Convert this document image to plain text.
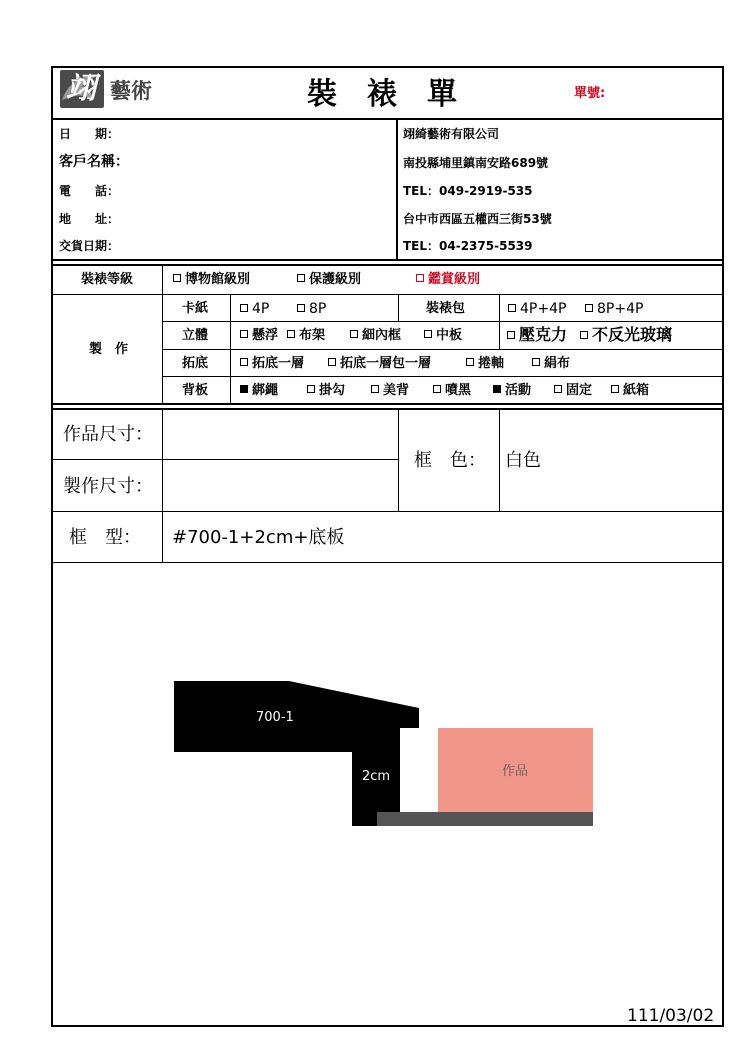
翊 藝術	裝　裱　單	單號:
日　　期：
客戶名稱：
電　　話：
地　　址：
交貨日期：
翊綺藝術有限公司
南投縣埔里鎮南安路689號
TEL：049-2919-535
台中市西區五權西三街53號
TEL：04-2375-5539
裝裱等級	博物館級別	保護級別	鑑賞級別
製　作
卡紙	4P	8P	裝裱包	4P+4P	8P+4P
立體	懸浮	布架	細內框	中板	壓克力	不反光玻璃
拓底	拓底一層	拓底一層包一層	捲軸	絹布
背板	綁繩	掛勾	美背	噴黑	活動	固定	紙箱
作品尺寸：
製作尺寸：
框　色： 白色
框　型： #700-1+2cm+底板
700-1
2cm	作品
111/03/02
